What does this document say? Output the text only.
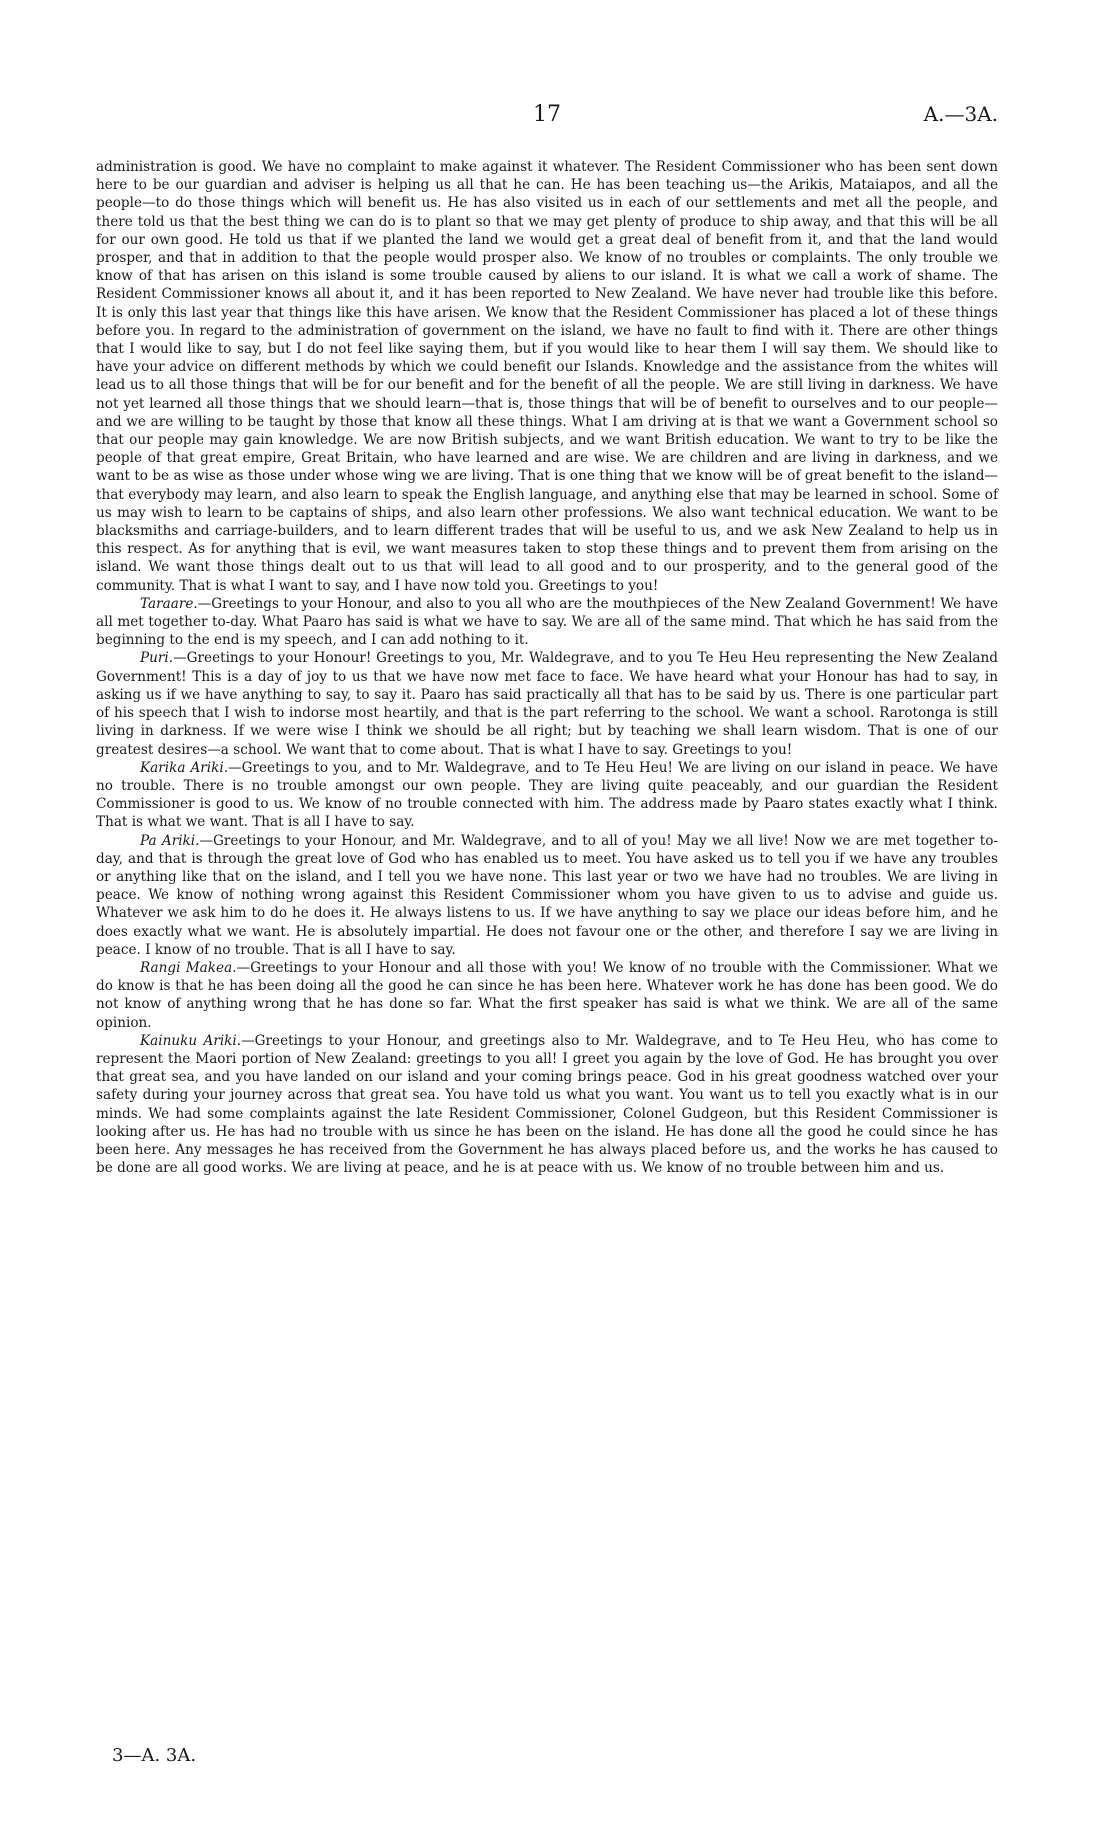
17	A.—3A.

administration is good. We have no complaint to make against it whatever. The Resident Commissioner who has been sent down here to be our guardian and adviser is helping us all that he can. He has been teaching us—the Arikis, Mataiapos, and all the people—to do those things which will benefit us. He has also visited us in each of our settlements and met all the people, and there told us that the best thing we can do is to plant so that we may get plenty of produce to ship away, and that this will be all for our own good. He told us that if we planted the land we would get a great deal of benefit from it, and that the land would prosper, and that in addition to that the people would prosper also. We know of no troubles or complaints. The only trouble we know of that has arisen on this island is some trouble caused by aliens to our island. It is what we call a work of shame. The Resident Commissioner knows all about it, and it has been reported to New Zealand. We have never had trouble like this before. It is only this last year that things like this have arisen. We know that the Resident Commissioner has placed a lot of these things before you. In regard to the administration of government on the island, we have no fault to find with it. There are other things that I would like to say, but I do not feel like saying them, but if you would like to hear them I will say them. We should like to have your advice on different methods by which we could benefit our Islands. Knowledge and the assistance from the whites will lead us to all those things that will be for our benefit and for the benefit of all the people. We are still living in darkness. We have not yet learned all those things that we should learn—that is, those things that will be of benefit to ourselves and to our people—and we are willing to be taught by those that know all these things. What I am driving at is that we want a Government school so that our people may gain knowledge. We are now British subjects, and we want British education. We want to try to be like the people of that great empire, Great Britain, who have learned and are wise. We are children and are living in darkness, and we want to be as wise as those under whose wing we are living. That is one thing that we know will be of great benefit to the island—that everybody may learn, and also learn to speak the English language, and anything else that may be learned in school. Some of us may wish to learn to be captains of ships, and also learn other professions. We also want technical education. We want to be blacksmiths and carriage-builders, and to learn different trades that will be useful to us, and we ask New Zealand to help us in this respect. As for anything that is evil, we want measures taken to stop these things and to prevent them from arising on the island. We want those things dealt out to us that will lead to all good and to our prosperity, and to the general good of the community. That is what I want to say, and I have now told you. Greetings to you!

Taraare.—Greetings to your Honour, and also to you all who are the mouthpieces of the New Zealand Government! We have all met together to-day. What Paaro has said is what we have to say. We are all of the same mind. That which he has said from the beginning to the end is my speech, and I can add nothing to it.

Puri.—Greetings to your Honour! Greetings to you, Mr. Waldegrave, and to you Te Heu Heu representing the New Zealand Government! This is a day of joy to us that we have now met face to face. We have heard what your Honour has had to say, in asking us if we have anything to say, to say it. Paaro has said practically all that has to be said by us. There is one particular part of his speech that I wish to indorse most heartily, and that is the part referring to the school. We want a school. Rarotonga is still living in darkness. If we were wise I think we should be all right; but by teaching we shall learn wisdom. That is one of our greatest desires—a school. We want that to come about. That is what I have to say. Greetings to you!

Karika Ariki.—Greetings to you, and to Mr. Waldegrave, and to Te Heu Heu! We are living on our island in peace. We have no trouble. There is no trouble amongst our own people. They are living quite peaceably, and our guardian the Resident Commissioner is good to us. We know of no trouble connected with him. The address made by Paaro states exactly what I think. That is what we want. That is all I have to say.

Pa Ariki.—Greetings to your Honour, and Mr. Waldegrave, and to all of you! May we all live! Now we are met together to-day, and that is through the great love of God who has enabled us to meet. You have asked us to tell you if we have any troubles or anything like that on the island, and I tell you we have none. This last year or two we have had no troubles. We are living in peace. We know of nothing wrong against this Resident Commissioner whom you have given to us to advise and guide us. Whatever we ask him to do he does it. He always listens to us. If we have anything to say we place our ideas before him, and he does exactly what we want. He is absolutely impartial. He does not favour one or the other, and therefore I say we are living in peace. I know of no trouble. That is all I have to say.

Rangi Makea.—Greetings to your Honour and all those with you! We know of no trouble with the Commissioner. What we do know is that he has been doing all the good he can since he has been here. Whatever work he has done has been good. We do not know of anything wrong that he has done so far. What the first speaker has said is what we think. We are all of the same opinion.

Kainuku Ariki.—Greetings to your Honour, and greetings also to Mr. Waldegrave, and to Te Heu Heu, who has come to represent the Maori portion of New Zealand: greetings to you all! I greet you again by the love of God. He has brought you over that great sea, and you have landed on our island and your coming brings peace. God in his great goodness watched over your safety during your journey across that great sea. You have told us what you want. You want us to tell you exactly what is in our minds. We had some complaints against the late Resident Commissioner, Colonel Gudgeon, but this Resident Commissioner is looking after us. He has had no trouble with us since he has been on the island. He has done all the good he could since he has been here. Any messages he has received from the Government he has always placed before us, and the works he has caused to be done are all good works. We are living at peace, and he is at peace with us. We know of no trouble between him and us.

3—A. 3A.
